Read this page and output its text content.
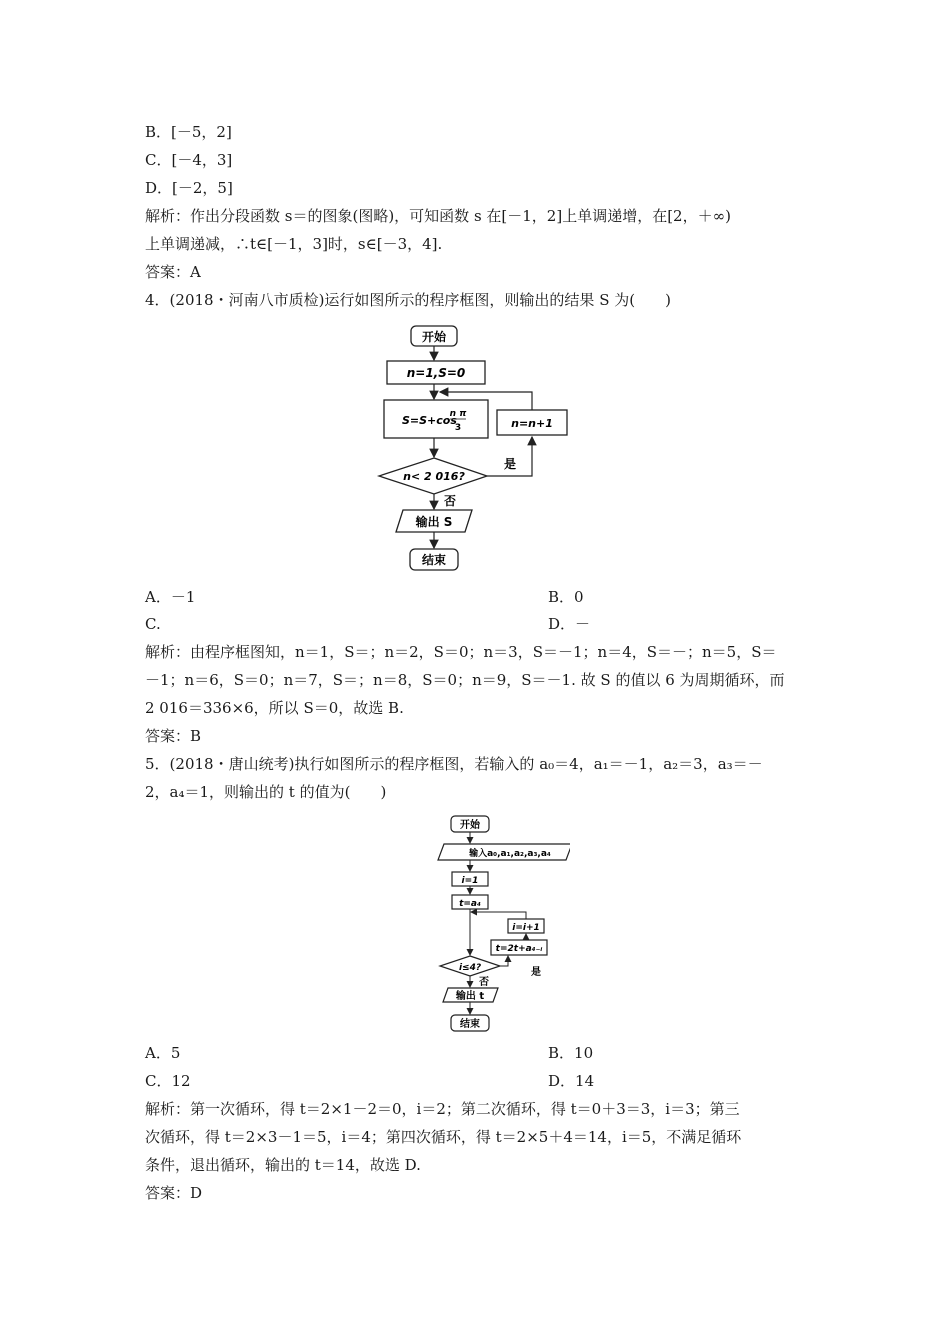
B．[－5，2]
C．[－4，3]
D．[－2，5]
解析：作出分段函数 s＝的图象(图略)，可知函数 s 在[－1，2]上单调递增，在[2，＋∞)
上单调递减，∴t∈[－1，3]时，s∈[－3，4].
答案：A
4．(2018・河南八市质检)运行如图所示的程序框图，则输出的结果 S 为(　　)
开始
n=1,S=0
S=S+cos
n π
3
n< 2 016?
是
n=n+1
否
输出 S
结束
A．－1	B．0
C.	D．－
解析：由程序框图知，n＝1，S＝；n＝2，S＝0；n＝3，S＝－1；n＝4，S＝－；n＝5，S＝
－1；n＝6，S＝0；n＝7，S＝；n＝8，S＝0；n＝9，S＝－1. 故 S 的值以 6 为周期循环，而
2 016＝336×6，所以 S＝0，故选 B.
答案：B
5．(2018・唐山统考)执行如图所示的程序框图，若输入的 a₀＝4，a₁＝－1，a₂＝3，a₃＝－
2，a₄＝1，则输出的 t 的值为(　　)
开始
输入a₀,a₁,a₂,a₃,a₄
i=1
t=a₄
i=i+1
t=2t+a₄₋ᵢ
i≤4?	是
否
输出 t
结束
A．5	B．10
C．12	D．14
解析：第一次循环，得 t＝2×1－2＝0，i＝2；第二次循环，得 t＝0＋3＝3，i＝3；第三
次循环，得 t＝2×3－1＝5，i＝4；第四次循环，得 t＝2×5＋4＝14，i＝5，不满足循环
条件，退出循环，输出的 t＝14，故选 D.
答案：D
